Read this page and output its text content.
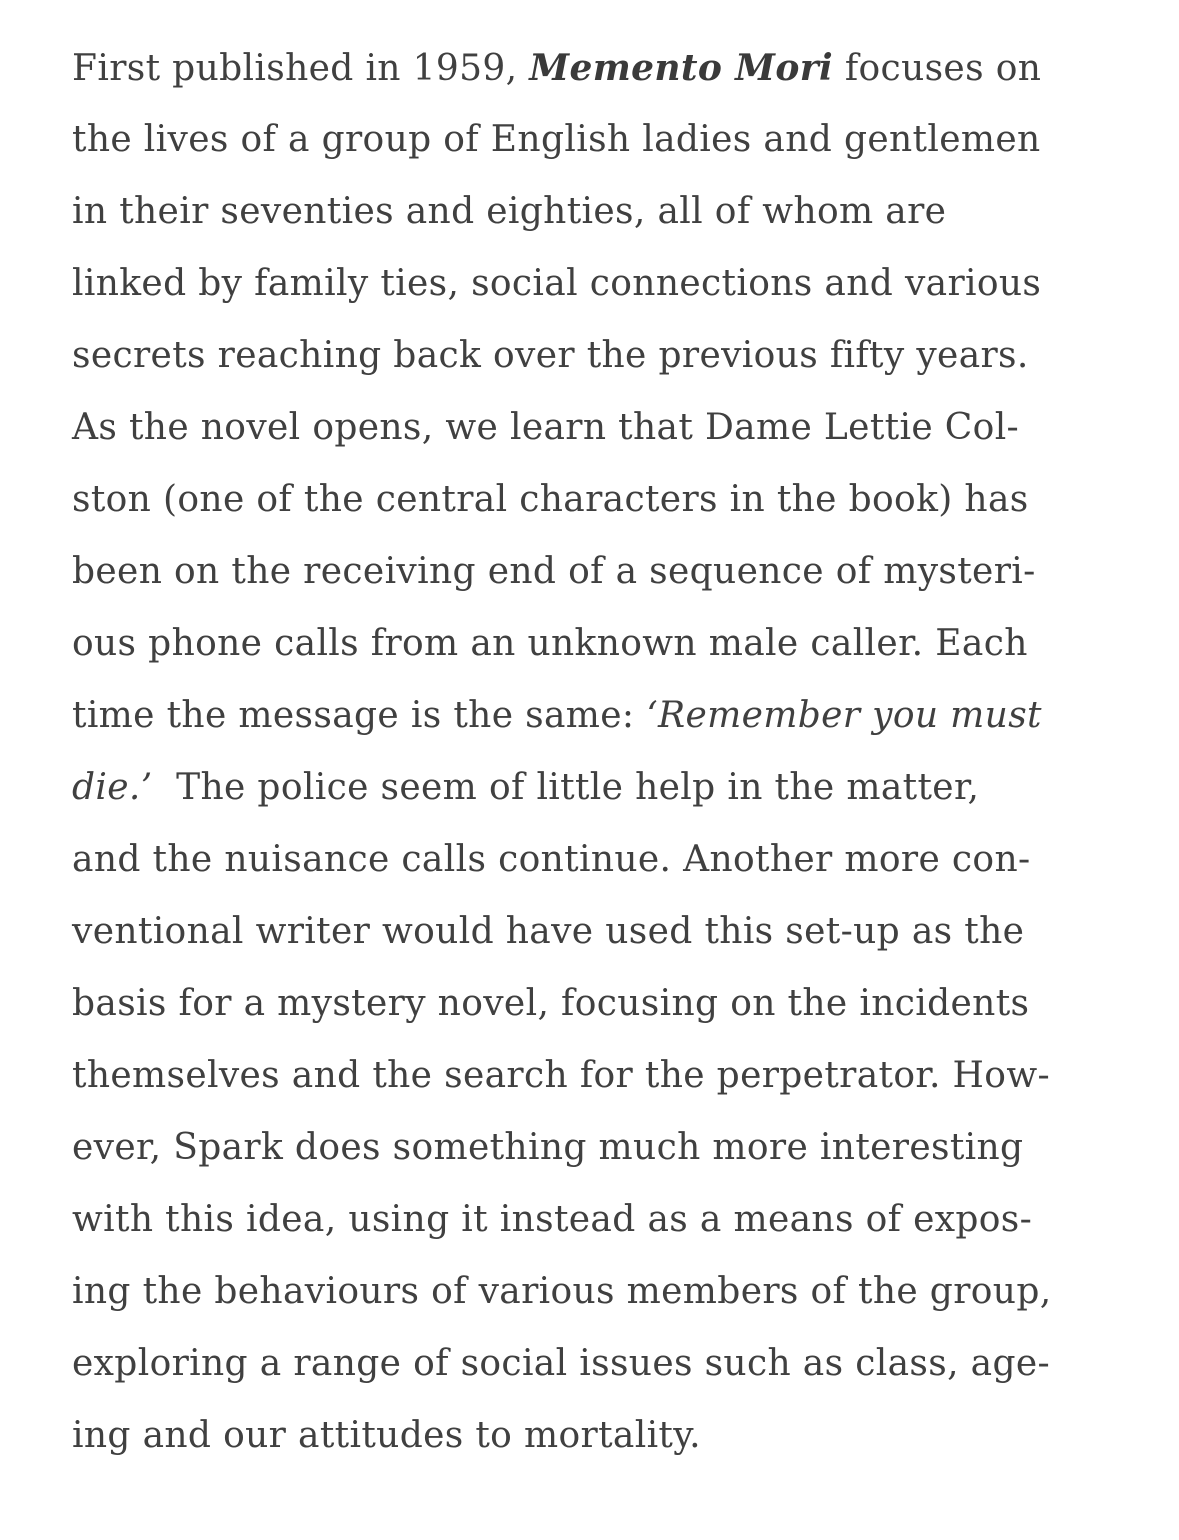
First published in 1959, Memento Mori focuses on
the lives of a group of English ladies and gentlemen
in their seventies and eighties, all of whom are
linked by family ties, social connections and various
secrets reaching back over the previous fifty years.
As the novel opens, we learn that Dame Lettie Col-
ston (one of the central characters in the book) has
been on the receiving end of a sequence of mysteri-
ous phone calls from an unknown male caller. Each
time the message is the same: ‘Remember you must
die.’  The police seem of little help in the matter,
and the nuisance calls continue. Another more con-
ventional writer would have used this set-up as the
basis for a mystery novel, focusing on the incidents
themselves and the search for the perpetrator. How-
ever, Spark does something much more interesting
with this idea, using it instead as a means of expos-
ing the behaviours of various members of the group,
exploring a range of social issues such as class, age-
ing and our attitudes to mortality.
